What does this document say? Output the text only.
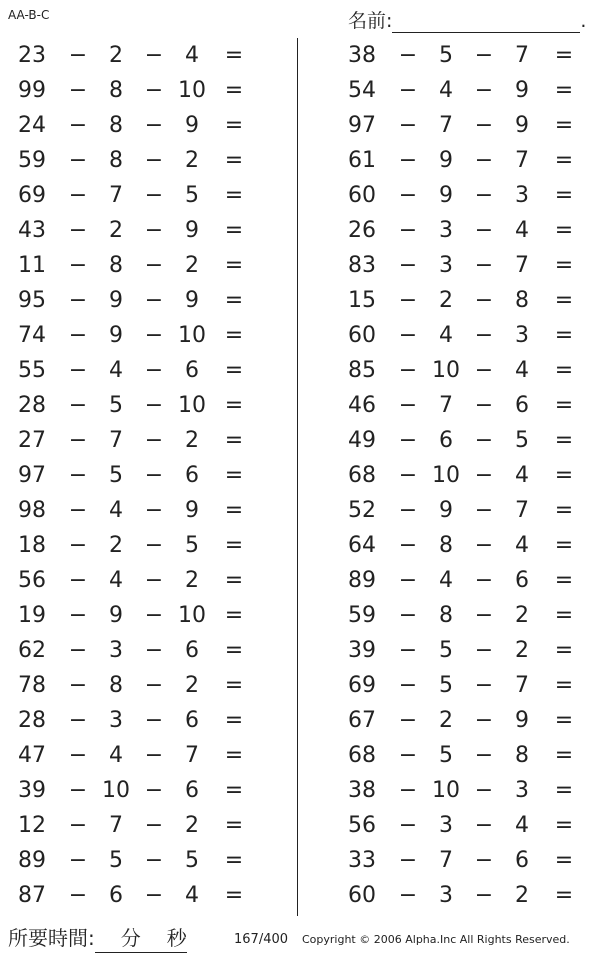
AA-B-C	名前:	.
23 − 2 − 4	=
99 − 8 − 10 =
24 − 8 − 9	=
59 − 8 − 2	=
69 − 7 − 5	=
43 − 2 − 9	=
11 − 8 − 2	=
95 − 9 − 9	=
74 − 9 − 10 =
55 − 4 − 6	=
28 − 5 − 10 =
27 − 7 − 2	=
97 − 5 − 6	=
98 − 4 − 9	=
18 − 2 − 5	=
56 − 4 − 2	=
19 − 9 − 10 =
62 − 3 − 6	=
78 − 8 − 2	=
28 − 3 − 6	=
47 − 4 − 7	=
39 − 10 − 6	=
12 − 7 − 2	=
89 − 5 − 5	=
87 − 6 − 4	=
38 − 5 − 7	=
54 − 4 − 9	=
97 − 7 − 9	=
61 − 9 − 7	=
60 − 9 − 3	=
26 − 3 − 4	=
83 − 3 − 7	=
15 − 2 − 8	=
60 − 4 − 3	=
85 − 10 − 4	=
46 − 7 − 6	=
49 − 6 − 5	=
68 − 10 − 4	=
52 − 9 − 7	=
64 − 8 − 4	=
89 − 4 − 6	=
59 − 8 − 2	=
39 − 5 − 2	=
69 − 5 − 7	=
67 − 2 − 9	=
68 − 5 − 8	=
38 − 10 − 3	=
56 − 3 − 4	=
33 − 7 − 6	=
60 − 3 − 2	=
所要時間: 分 秒	167/400 Copyright © 2006 Alpha.Inc All Rights Reserved.
